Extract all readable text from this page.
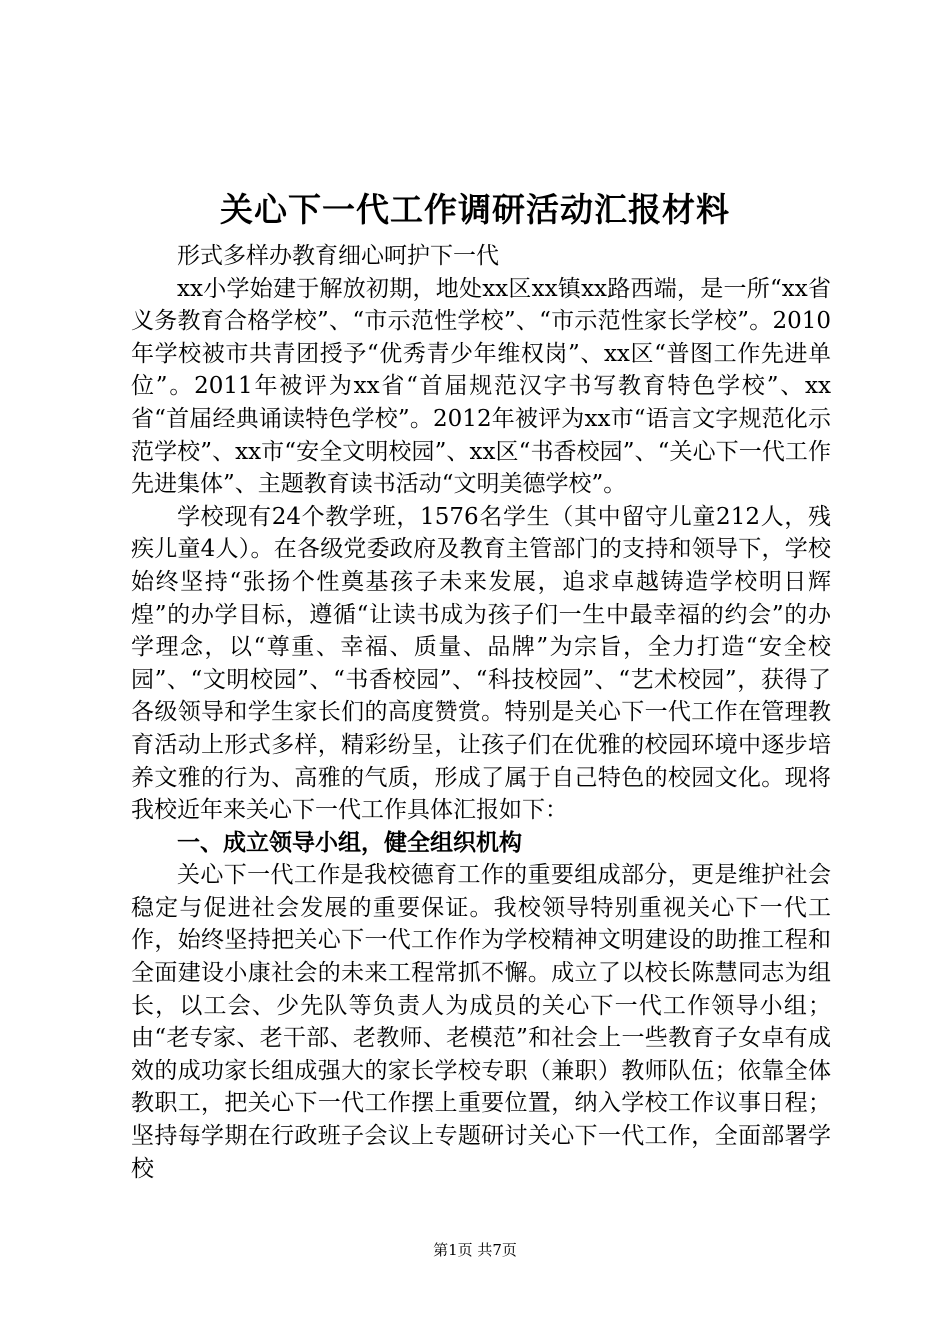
关心下一代工作调研活动汇报材料

形式多样办教育细心呵护下一代

xx小学始建于解放初期，地处xx区xx镇xx路西端，是一所“xx省义务教育合格学校”、“市示范性学校”、“市示范性家长学校”。2010年学校被市共青团授予“优秀青少年维权岗”、xx区“普图工作先进单位”。2011年被评为xx省“首届规范汉字书写教育特色学校”、xx省“首届经典诵读特色学校”。2012年被评为xx市“语言文字规范化示范学校”、xx市“安全文明校园”、xx区“书香校园”、“关心下一代工作先进集体”、主题教育读书活动“文明美德学校”。

学校现有24个教学班，1576名学生（其中留守儿童212人，残疾儿童4人）。在各级党委政府及教育主管部门的支持和领导下，学校始终坚持“张扬个性奠基孩子未来发展，追求卓越铸造学校明日辉煌”的办学目标，遵循“让读书成为孩子们一生中最幸福的约会”的办学理念，以“尊重、幸福、质量、品牌”为宗旨，全力打造“安全校园”、“文明校园”、“书香校园”、“科技校园”、“艺术校园”，获得了各级领导和学生家长们的高度赞赏。特别是关心下一代工作在管理教育活动上形式多样，精彩纷呈，让孩子们在优雅的校园环境中逐步培养文雅的行为、高雅的气质，形成了属于自己特色的校园文化。现将我校近年来关心下一代工作具体汇报如下：

一、成立领导小组，健全组织机构

关心下一代工作是我校德育工作的重要组成部分，更是维护社会稳定与促进社会发展的重要保证。我校领导特别重视关心下一代工作，始终坚持把关心下一代工作作为学校精神文明建设的助推工程和全面建设小康社会的未来工程常抓不懈。成立了以校长陈慧同志为组长，以工会、少先队等负责人为成员的关心下一代工作领导小组；由“老专家、老干部、老教师、老模范”和社会上一些教育子女卓有成效的成功家长组成强大的家长学校专职（兼职）教师队伍；依靠全体教职工，把关心下一代工作摆上重要位置，纳入学校工作议事日程；坚持每学期在行政班子会议上专题研讨关心下一代工作，全面部署学校

第1页 共7页
